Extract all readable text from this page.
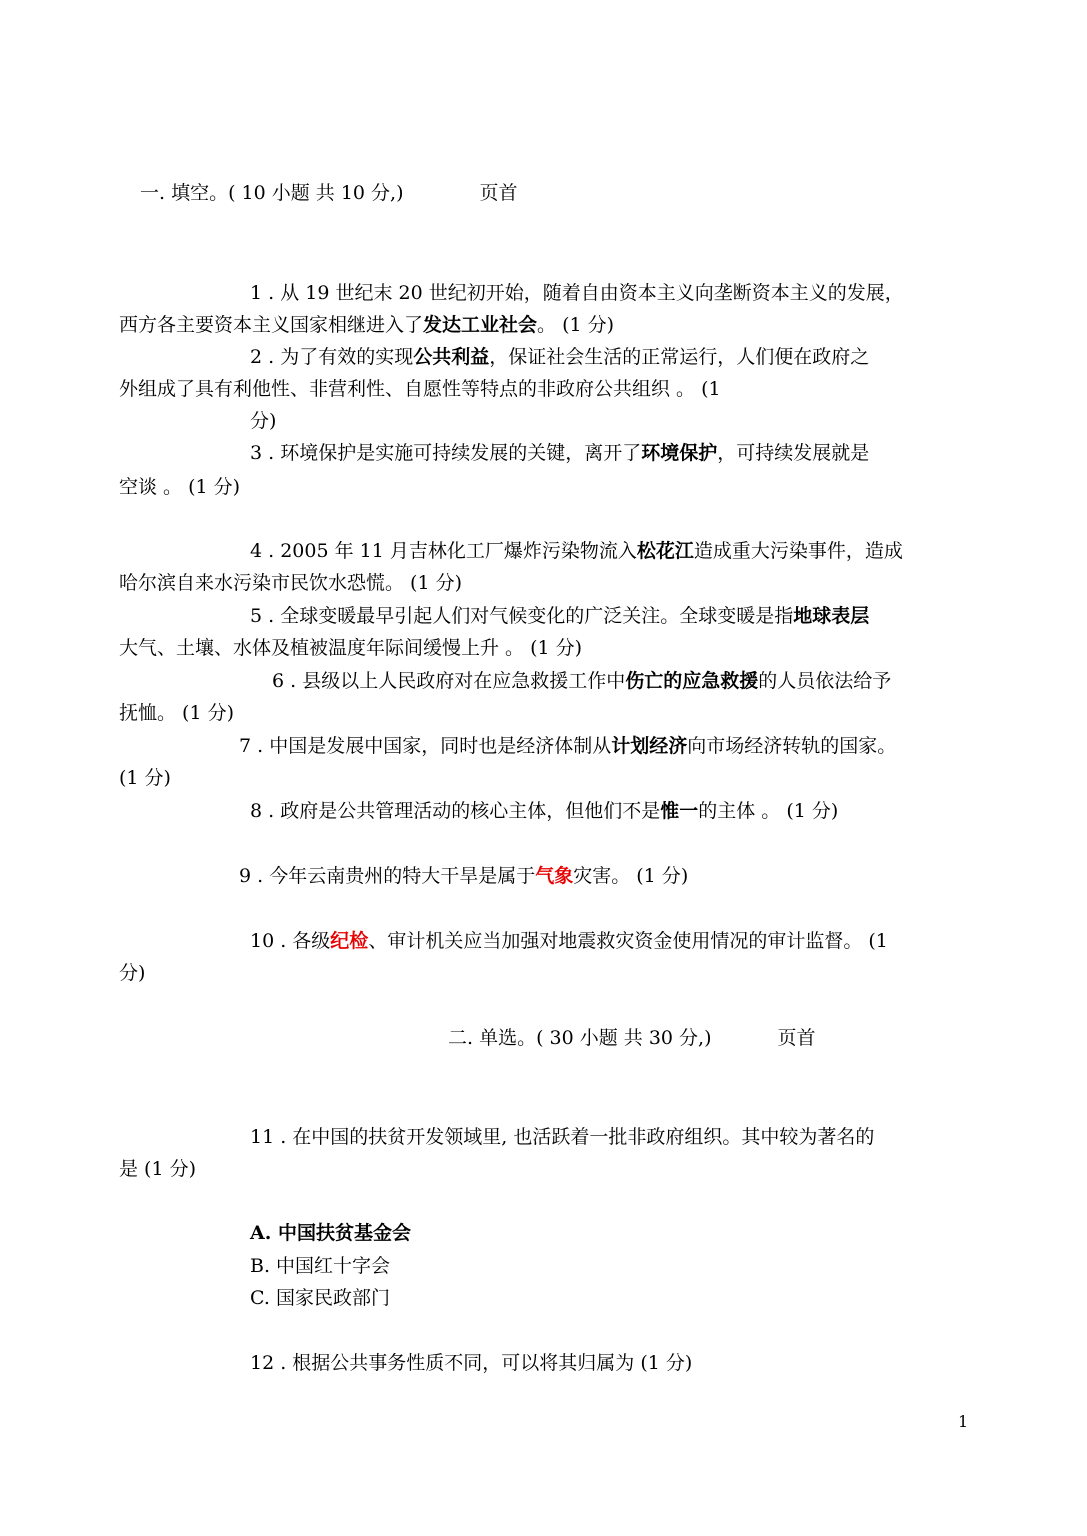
一. 填空。( 10 小题 共 10 分,)	页首
1 . 从 19 世纪末 20 世纪初开始，随着自由资本主义向垄断资本主义的发展，
西方各主要资本主义国家相继进入了发达工业社会。 (1 分)
2 . 为了有效的实现公共利益，保证社会生活的正常运行，人们便在政府之
外组成了具有利他性、非营利性、自愿性等特点的非政府公共组织 。 (1
分)
3 . 环境保护是实施可持续发展的关键，离开了环境保护，可持续发展就是
空谈 。 (1 分)
4 . 2005 年 11 月吉林化工厂爆炸污染物流入松花江造成重大污染事件，造成
哈尔滨自来水污染市民饮水恐慌。 (1 分)
5 . 全球变暖最早引起人们对气候变化的广泛关注。全球变暖是指地球表层
大气、土壤、水体及植被温度年际间缓慢上升 。 (1 分)
6 . 县级以上人民政府对在应急救援工作中伤亡的应急救援的人员依法给予
抚恤。 (1 分)
7 . 中国是发展中国家，同时也是经济体制从计划经济向市场经济转轨的国家。
(1 分)
8 . 政府是公共管理活动的核心主体，但他们不是惟一的主体 。 (1 分)
9 . 今年云南贵州的特大干旱是属于气象灾害。 (1 分)
10 . 各级纪检、审计机关应当加强对地震救灾资金使用情况的审计监督。 (1
分)
二. 单选。( 30 小题 共 30 分,)	页首
11 . 在中国的扶贫开发领域里, 也活跃着一批非政府组织。其中较为著名的
是 (1 分)
A. 中国扶贫基金会
B. 中国红十字会
C. 国家民政部门
12 . 根据公共事务性质不同，可以将其归属为 (1 分)
1
